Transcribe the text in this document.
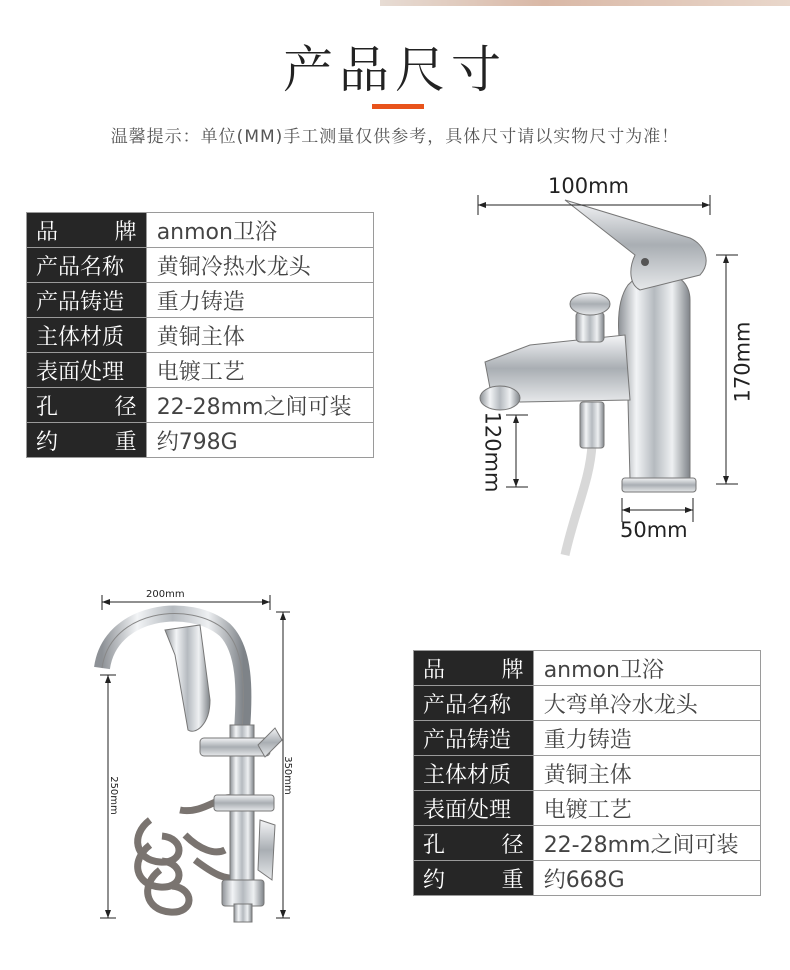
产品尺寸
温馨提示：单位(MM)手工测量仅供参考，具体尺寸请以实物尺寸为准！
品 牌	anmon卫浴
产品名称	黄铜冷热水龙头
产品铸造	重力铸造
主体材质	黄铜主体
表面处理	电镀工艺

孔 径	22-28mm之间可装

约 重	约798G
100mm
170mm
120mm
50mm
200mm
350mm
250mm
品 牌	anmon卫浴
产品名称	大弯单冷水龙头
产品铸造	重力铸造
主体材质	黄铜主体
表面处理	电镀工艺

孔 径	22-28mm之间可装

约 重	约668G
